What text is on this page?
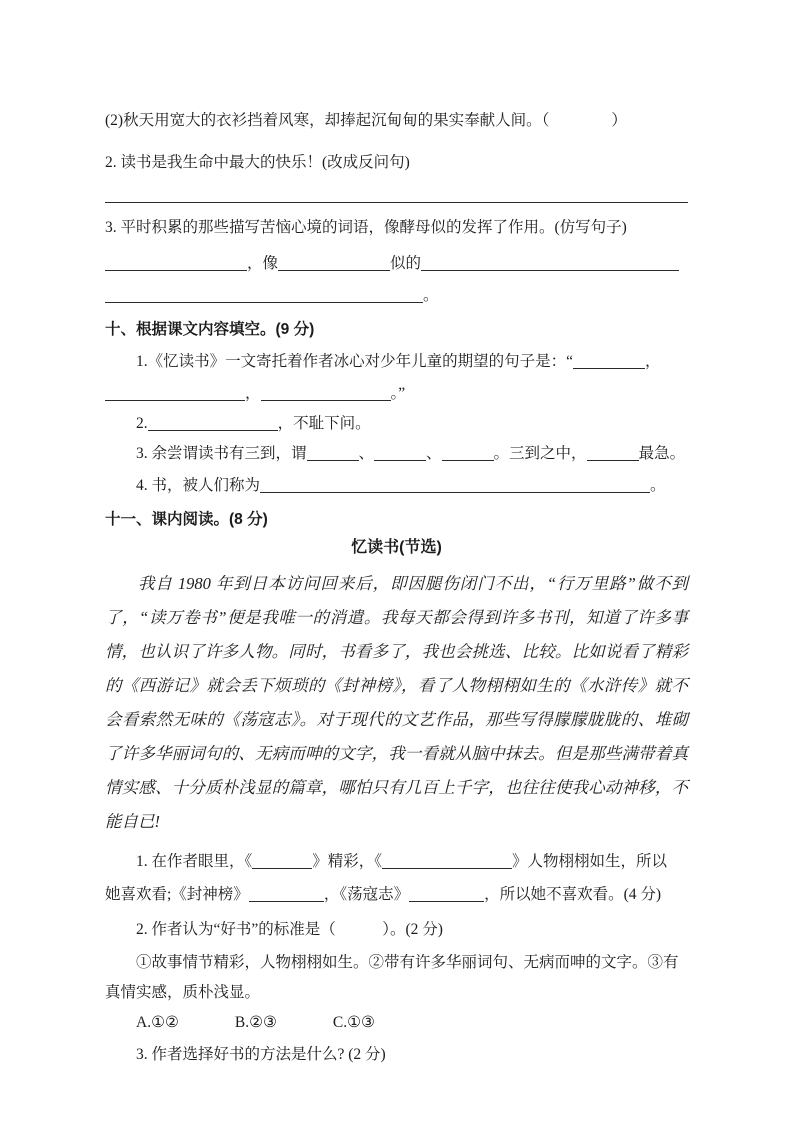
(2)秋天用宽大的衣衫挡着风寒，却捧起沉甸甸的果实奉献人间。（　　　　）

2. 读书是我生命中最大的快乐！(改成反问句)

3. 平时积累的那些描写苦恼心境的词语，像酵母似的发挥了作用。(仿写句子)

，像	似的

。

十、根据课文内容填空。(9 分)

1.《忆读书》一文寄托着作者冰心对少年儿童的期望的句子是：“	，

，	。”

2.	，不耻下问。

3. 余尝谓读书有三到，谓	、	、	。三到之中，	最急。

4. 书，被人们称为	。

十一、课内阅读。(8 分)

忆读书(节选)

我自 1980 年到日本访问回来后，即因腿伤闭门不出，“行万里路”做不到了，“读万卷书”便是我唯一的消遣。我每天都会得到许多书刊，知道了许多事情，也认识了许多人物。同时，书看多了，我也会挑选、比较。比如说看了精彩的《西游记》就会丢下烦琐的《封神榜》，看了人物栩栩如生的《水浒传》就不会看索然无味的《荡寇志》。对于现代的文艺作品，那些写得朦朦胧胧的、堆砌了许多华丽词句的、无病而呻的文字，我一看就从脑中抹去。但是那些满带着真情实感、十分质朴浅显的篇章，哪怕只有几百上千字，也往往使我心动神移，不能自已!

1. 在作者眼里，《	》精彩，《	》人物栩栩如生，所以

她喜欢看;《封神榜》	，《荡寇志》	，所以她不喜欢看。(4 分)

2. 作者认为“好书”的标准是（　　　）。(2 分)

①故事情节精彩，人物栩栩如生。②带有许多华丽词句、无病而呻的文字。③有真情实感，质朴浅显。

A.①②	B.②③	C.①③

3. 作者选择好书的方法是什么? (2 分)
